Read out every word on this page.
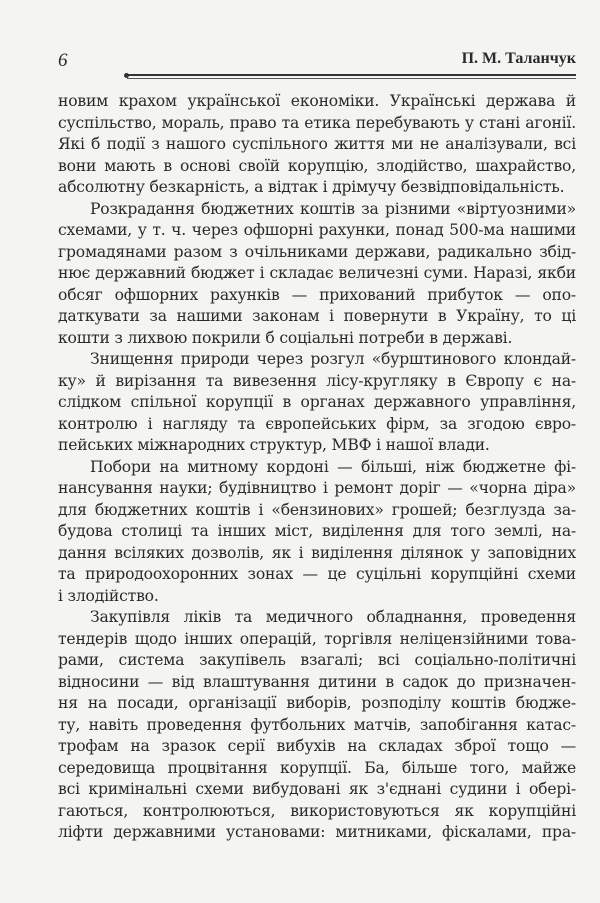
6	П. М. Таланчук
новим крахом української економіки. Українські держава й
суспільство, мораль, право та етика перебувають у стані агонії.
Які б події з нашого суспільного життя ми не аналізували, всі
вони мають в основі своїй корупцію, злодійство, шахрайство,
абсолютну безкарність, а відтак і дрімучу безвідповідальність.
Розкрадання бюджетних коштів за різними «віртуозними»
схемами, у т. ч. через офшорні рахунки, понад 500-ма нашими
громадянами разом з очільниками держави, радикально збід-
нює державний бюджет і складає величезні суми. Наразі, якби
обсяг офшорних рахунків — прихований прибуток — опо-
даткувати за нашими законам і повернути в Україну, то ці
кошти з лихвою покрили б соціальні потреби в державі.
Знищення природи через розгул «бурштинового клондай-
ку» й вирізання та вивезення лісу-кругляку в Європу є на-
слідком спільної корупції в органах державного управління,
контролю і нагляду та європейських фірм, за згодою євро-
пейських міжнародних структур, МВФ і нашої влади.
Побори на митному кордоні — більші, ніж бюджетне фі-
нансування науки; будівництво і ремонт доріг — «чорна діра»
для бюджетних коштів і «бензинових» грошей; безглузда за-
будова столиці та інших міст, виділення для того землі, на-
дання всіляких дозволів, як і виділення ділянок у заповідних
та природоохоронних зонах — це суцільні корупційні схеми
і злодійство.
Закупівля ліків та медичного обладнання, проведення
тендерів щодо інших операцій, торгівля неліцензійними това-
рами, система закупівель взагалі; всі соціально-політичні
відносини — від влаштування дитини в садок до призначен-
ня на посади, організації виборів, розподілу коштів бюдже-
ту, навіть проведення футбольних матчів, запобігання катас-
трофам на зразок серії вибухів на складах зброї тощо —
середовища процвітання корупції. Ба, більше того, майже
всі кримінальні схеми вибудовані як з'єднані судини і обері-
гаються, контролюються, використовуються як корупційні
ліфти державними установами: митниками, фіскалами, пра-
